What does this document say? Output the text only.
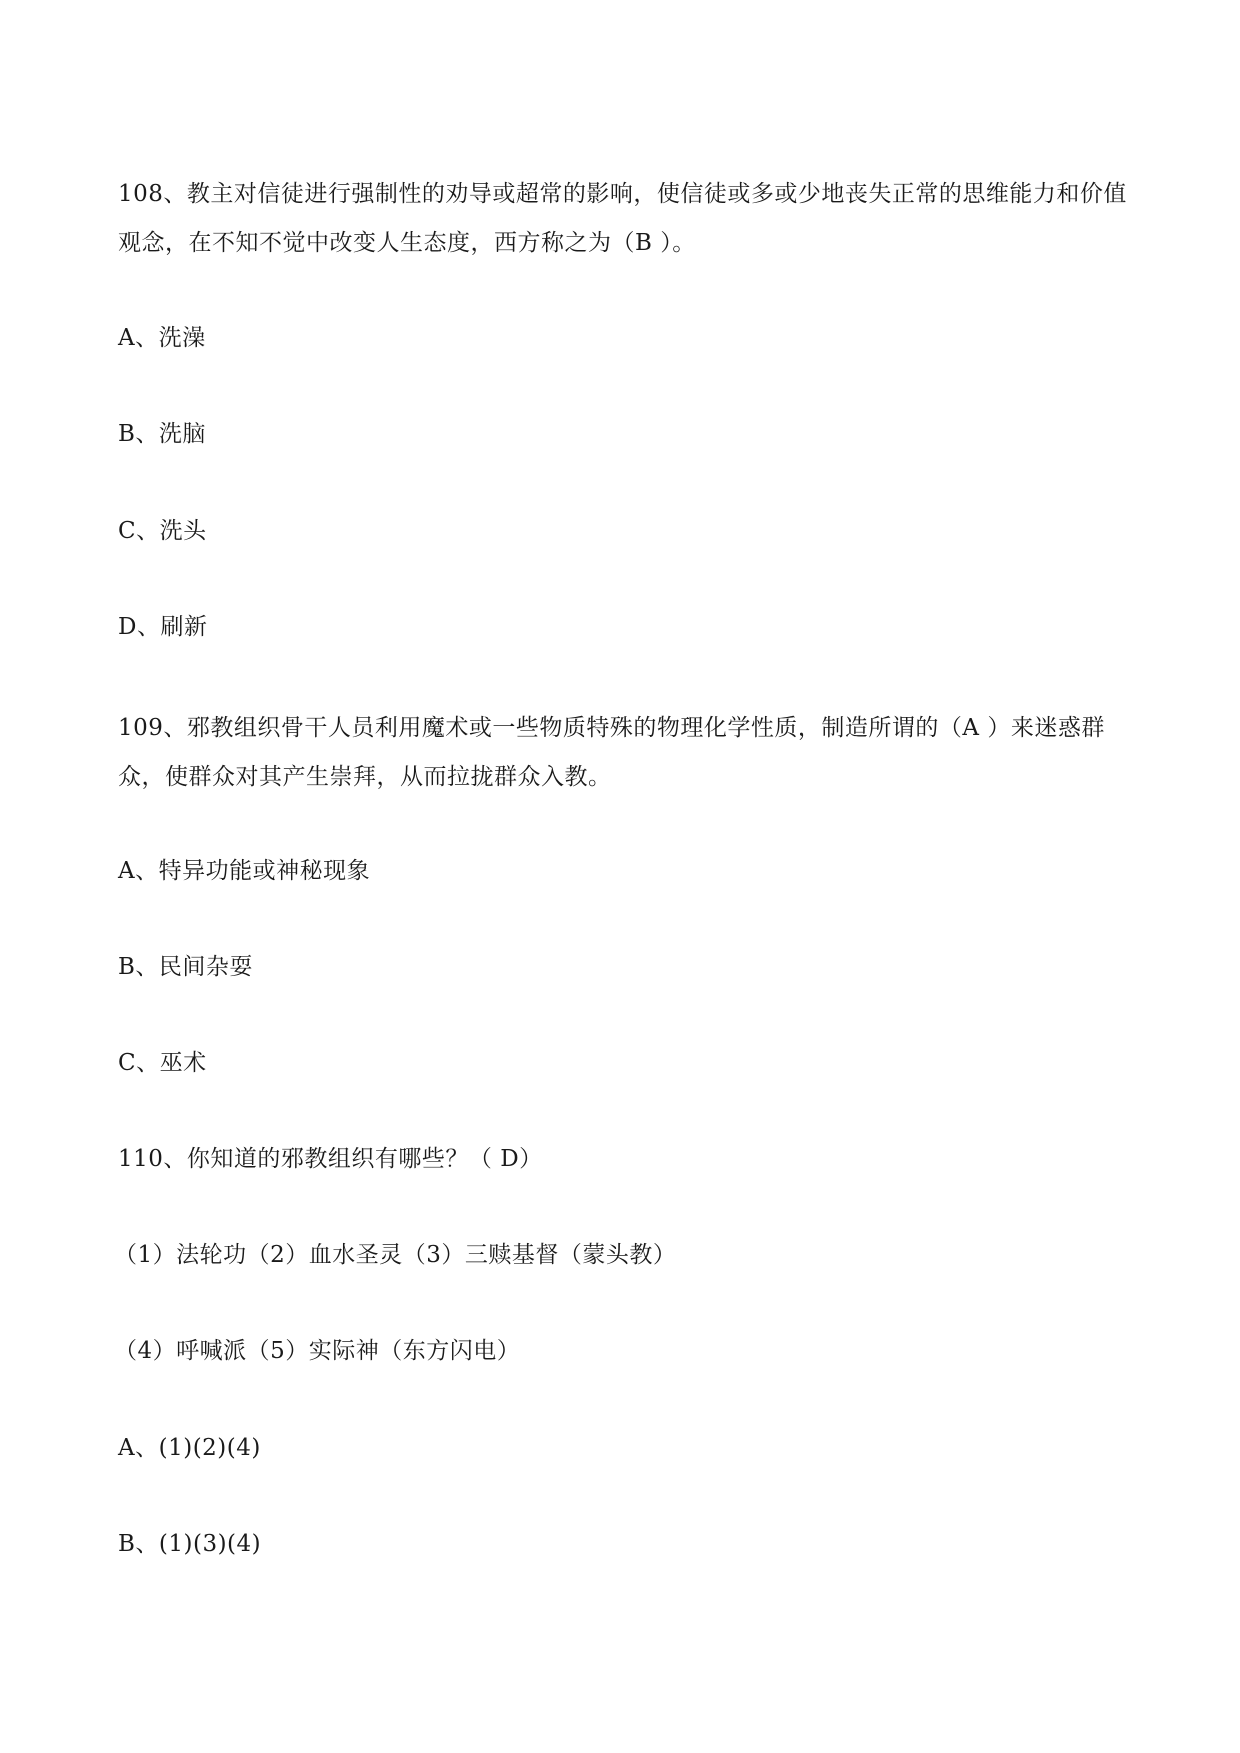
108、教主对信徒进行强制性的劝导或超常的影响，使信徒或多或少地丧失正常的思维能力和价值观念，在不知不觉中改变人生态度，西方称之为（B ）。
A、洗澡
B、洗脑
C、洗头
D、刷新
109、邪教组织骨干人员利用魔术或一些物质特殊的物理化学性质，制造所谓的（A ）来迷惑群众，使群众对其产生崇拜，从而拉拢群众入教。
A、特异功能或神秘现象
B、民间杂耍
C、巫术
110、你知道的邪教组织有哪些？（ D）
（1）法轮功（2）血水圣灵（3）三赎基督（蒙头教）
（4）呼喊派（5）实际神（东方闪电）
A、(1)(2)(4)
B、(1)(3)(4)
